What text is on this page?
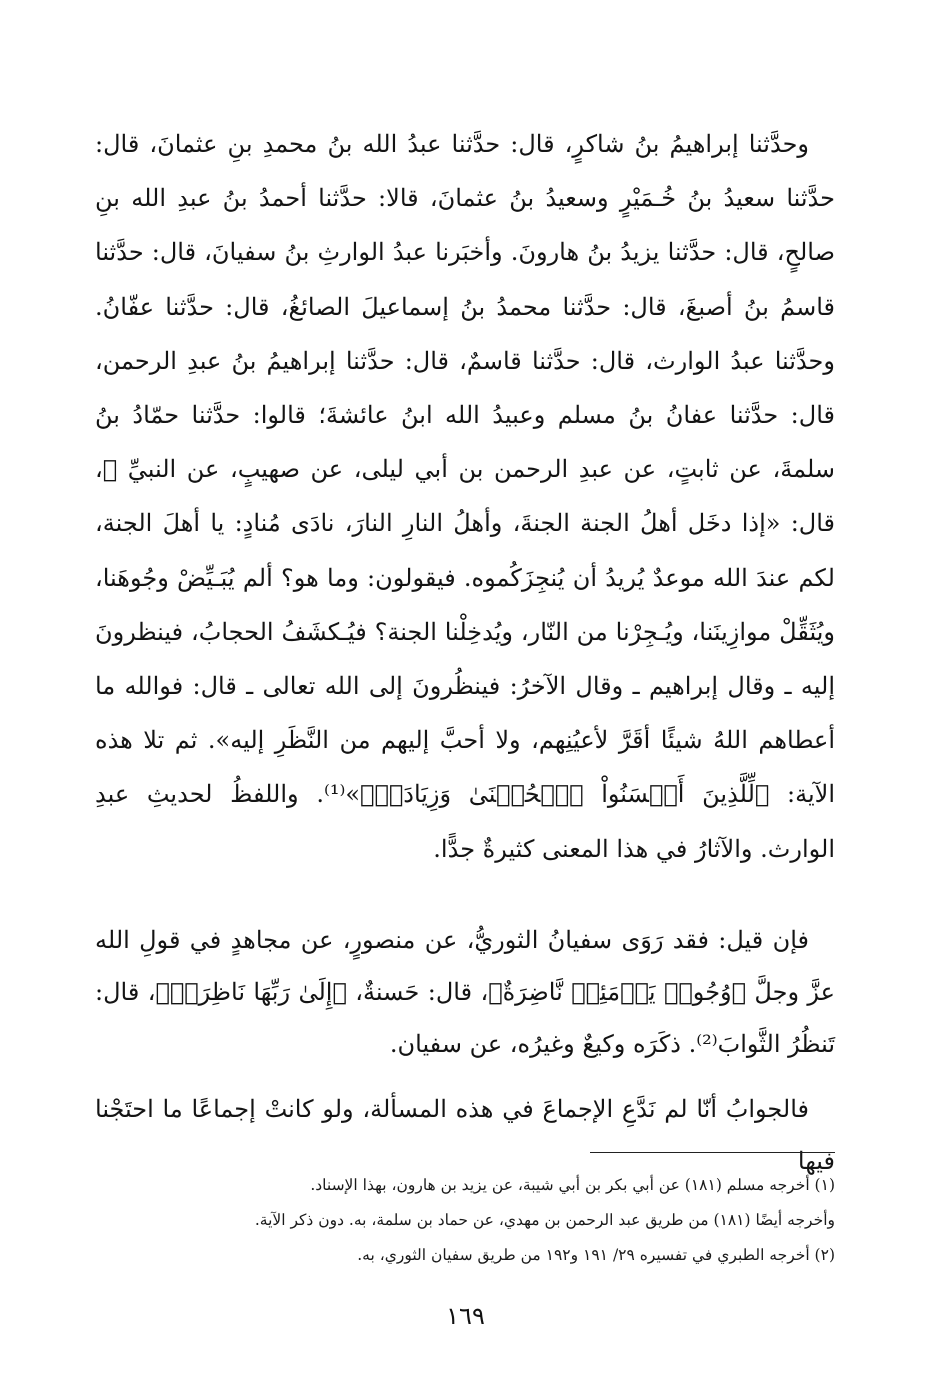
وحدَّثنا إبراهيمُ بنُ شاكرٍ، قال: حدَّثنا عبدُ الله بنُ محمدِ بنِ عثمانَ، قال: حدَّثنا سعيدُ بنُ خُـمَيْرٍ وسعيدُ بنُ عثمانَ، قالا: حدَّثنا أحمدُ بنُ عبدِ الله بنِ صالحٍ، قال: حدَّثنا يزيدُ بنُ هارونَ. وأخبَرنا عبدُ الوارثِ بنُ سفيانَ، قال: حدَّثنا قاسمُ بنُ أصبغَ، قال: حدَّثنا محمدُ بنُ إسماعيلَ الصائغُ، قال: حدَّثنا عفّانُ. وحدَّثنا عبدُ الوارث، قال: حدَّثنا قاسمٌ، قال: حدَّثنا إبراهيمُ بنُ عبدِ الرحمن، قال: حدَّثنا عفانُ بنُ مسلم وعبيدُ الله ابنُ عائشةَ؛ قالوا: حدَّثنا حمّادُ بنُ سلمةَ، عن ثابتٍ، عن عبدِ الرحمن بن أبي ليلى، عن صهيبٍ، عن النبيِّ ﷺ، قال: «إذا دخَل أهلُ الجنة الجنةَ، وأهلُ النارِ النارَ، نادَى مُنادٍ: يا أهلَ الجنة، لكم عندَ الله موعدٌ يُريدُ أن يُنجِزَكُموه. فيقولون: وما هو؟ ألم يُبَـيِّضْ وجُوهَنا، ويُثَقِّلْ موازِينَنا، ويُـجِرْنا من النّار، ويُدخِلْنا الجنة؟ فيُـكشَفُ الحجابُ، فينظرونَ إليه ـ وقال إبراهيم ـ وقال الآخرُ: فينظُرونَ إلى الله تعالى ـ قال: فوالله ما أعطاهم اللهُ شيئًا أقَرَّ لأعيُنِهم، ولا أحبَّ إليهم من النَّظَرِ إليه». ثم تلا هذه الآية: ﴿لِّلَّذِينَ أَحۡسَنُواْ ٱلۡحُسۡنَىٰ وَزِيَادَةٞ﴾»⁽¹⁾. واللفظُ لحديثِ عبدِ الوارث. والآثارُ في هذا المعنى كثيرةٌ جدًّا.

فإن قيل: فقد رَوَى سفيانُ الثوريُّ، عن منصورٍ، عن مجاهدٍ في قولِ الله عزَّ وجلَّ ﴿وُجُوهٞ يَوۡمَئِذٖ نَّاضِرَةٌ﴾، قال: حَسنةٌ، ﴿إِلَىٰ رَبِّهَا نَاظِرَةٞ﴾، قال: تَنظُرُ الثَّوابَ⁽²⁾. ذكَرَه وكيعٌ وغيرُه، عن سفيان.

فالجوابُ أنّا لم نَدَّعِ الإجماعَ في هذه المسألة، ولو كانتْ إجماعًا ما احتَجْنا فيها

(١) أخرجه مسلم (١٨١) عن أبي بكر بن أبي شيبة، عن يزيد بن هارون، بهذا الإسناد.
وأخرجه أيضًا (١٨١) من طريق عبد الرحمن بن مهدي، عن حماد بن سلمة، به. دون ذكر الآية.
(٢) أخرجه الطبري في تفسيره ٢٩/ ١٩١ و١٩٢ من طريق سفيان الثوري، به.
١٦٩
